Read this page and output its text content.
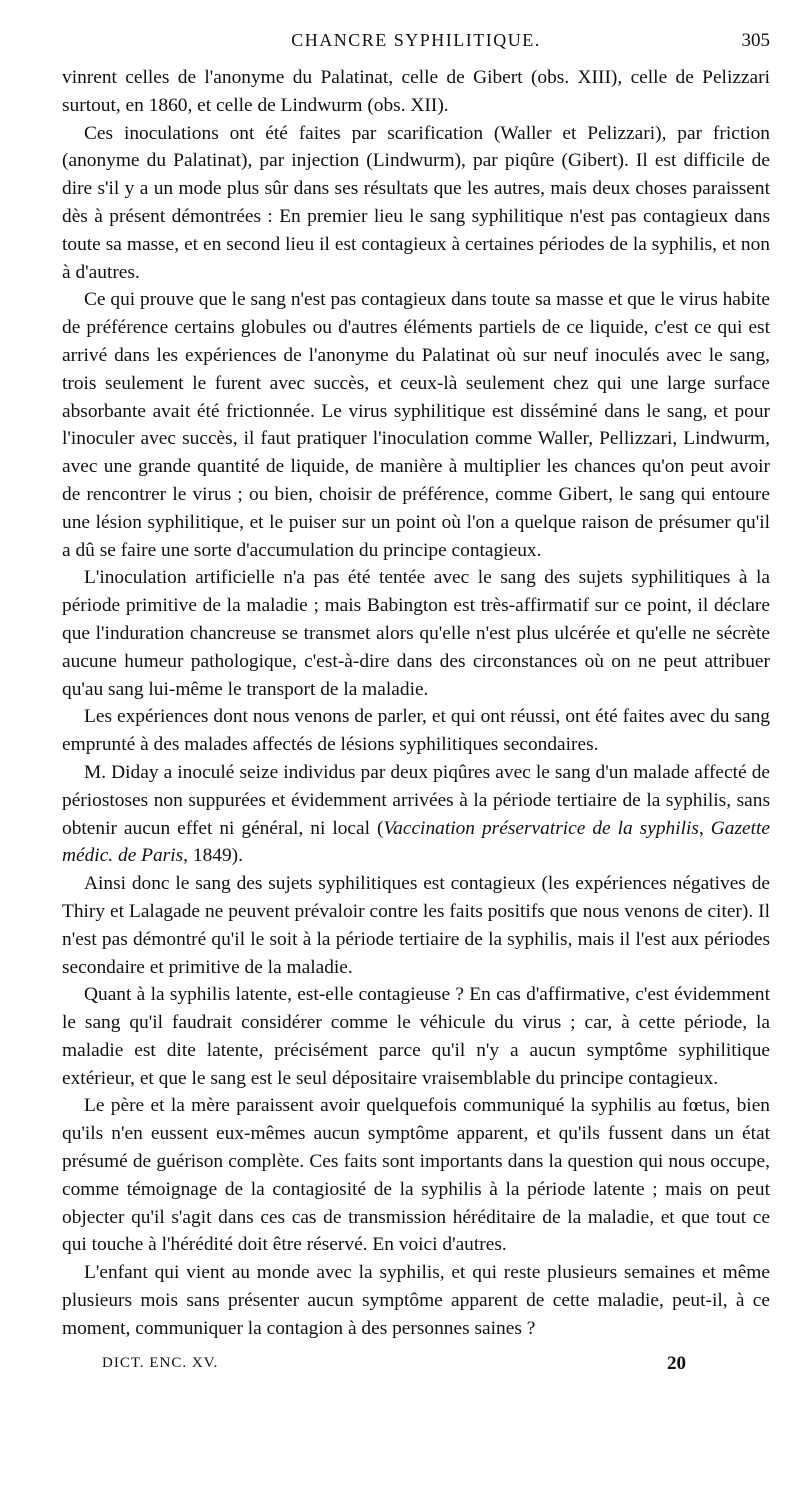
CHANCRE SYPHILITIQUE.	305

vinrent celles de l'anonyme du Palatinat, celle de Gibert (obs. XIII), celle de Pelizzari surtout, en 1860, et celle de Lindwurm (obs. XII).

Ces inoculations ont été faites par scarification (Waller et Pelizzari), par friction (anonyme du Palatinat), par injection (Lindwurm), par piqûre (Gibert). Il est difficile de dire s'il y a un mode plus sûr dans ses résultats que les autres, mais deux choses paraissent dès à présent démontrées : En premier lieu le sang syphilitique n'est pas contagieux dans toute sa masse, et en second lieu il est contagieux à certaines périodes de la syphilis, et non à d'autres.

Ce qui prouve que le sang n'est pas contagieux dans toute sa masse et que le virus habite de préférence certains globules ou d'autres éléments partiels de ce liquide, c'est ce qui est arrivé dans les expériences de l'anonyme du Palatinat où sur neuf inoculés avec le sang, trois seulement le furent avec succès, et ceux-là seulement chez qui une large surface absorbante avait été frictionnée. Le virus syphilitique est disséminé dans le sang, et pour l'inoculer avec succès, il faut pratiquer l'inoculation comme Waller, Pellizzari, Lindwurm, avec une grande quantité de liquide, de manière à multiplier les chances qu'on peut avoir de rencontrer le virus ; ou bien, choisir de préférence, comme Gibert, le sang qui entoure une lésion syphilitique, et le puiser sur un point où l'on a quelque raison de présumer qu'il a dû se faire une sorte d'accumulation du principe contagieux.

L'inoculation artificielle n'a pas été tentée avec le sang des sujets syphilitiques à la période primitive de la maladie ; mais Babington est très-affirmatif sur ce point, il déclare que l'induration chancreuse se transmet alors qu'elle n'est plus ulcérée et qu'elle ne sécrète aucune humeur pathologique, c'est-à-dire dans des circonstances où on ne peut attribuer qu'au sang lui-même le transport de la maladie.

Les expériences dont nous venons de parler, et qui ont réussi, ont été faites avec du sang emprunté à des malades affectés de lésions syphilitiques secondaires.

M. Diday a inoculé seize individus par deux piqûres avec le sang d'un malade affecté de périostoses non suppurées et évidemment arrivées à la période tertiaire de la syphilis, sans obtenir aucun effet ni général, ni local (Vaccination préservatrice de la syphilis, Gazette médic. de Paris, 1849).

Ainsi donc le sang des sujets syphilitiques est contagieux (les expériences négatives de Thiry et Lalagade ne peuvent prévaloir contre les faits positifs que nous venons de citer). Il n'est pas démontré qu'il le soit à la période tertiaire de la syphilis, mais il l'est aux périodes secondaire et primitive de la maladie.

Quant à la syphilis latente, est-elle contagieuse ? En cas d'affirmative, c'est évidemment le sang qu'il faudrait considérer comme le véhicule du virus ; car, à cette période, la maladie est dite latente, précisément parce qu'il n'y a aucun symptôme syphilitique extérieur, et que le sang est le seul dépositaire vraisemblable du principe contagieux.

Le père et la mère paraissent avoir quelquefois communiqué la syphilis au fœtus, bien qu'ils n'en eussent eux-mêmes aucun symptôme apparent, et qu'ils fussent dans un état présumé de guérison complète. Ces faits sont importants dans la question qui nous occupe, comme témoignage de la contagiosité de la syphilis à la période latente ; mais on peut objecter qu'il s'agit dans ces cas de transmission héréditaire de la maladie, et que tout ce qui touche à l'hérédité doit être réservé. En voici d'autres.

L'enfant qui vient au monde avec la syphilis, et qui reste plusieurs semaines et même plusieurs mois sans présenter aucun symptôme apparent de cette maladie, peut-il, à ce moment, communiquer la contagion à des personnes saines ?

DICT. ENC. XV.	20
